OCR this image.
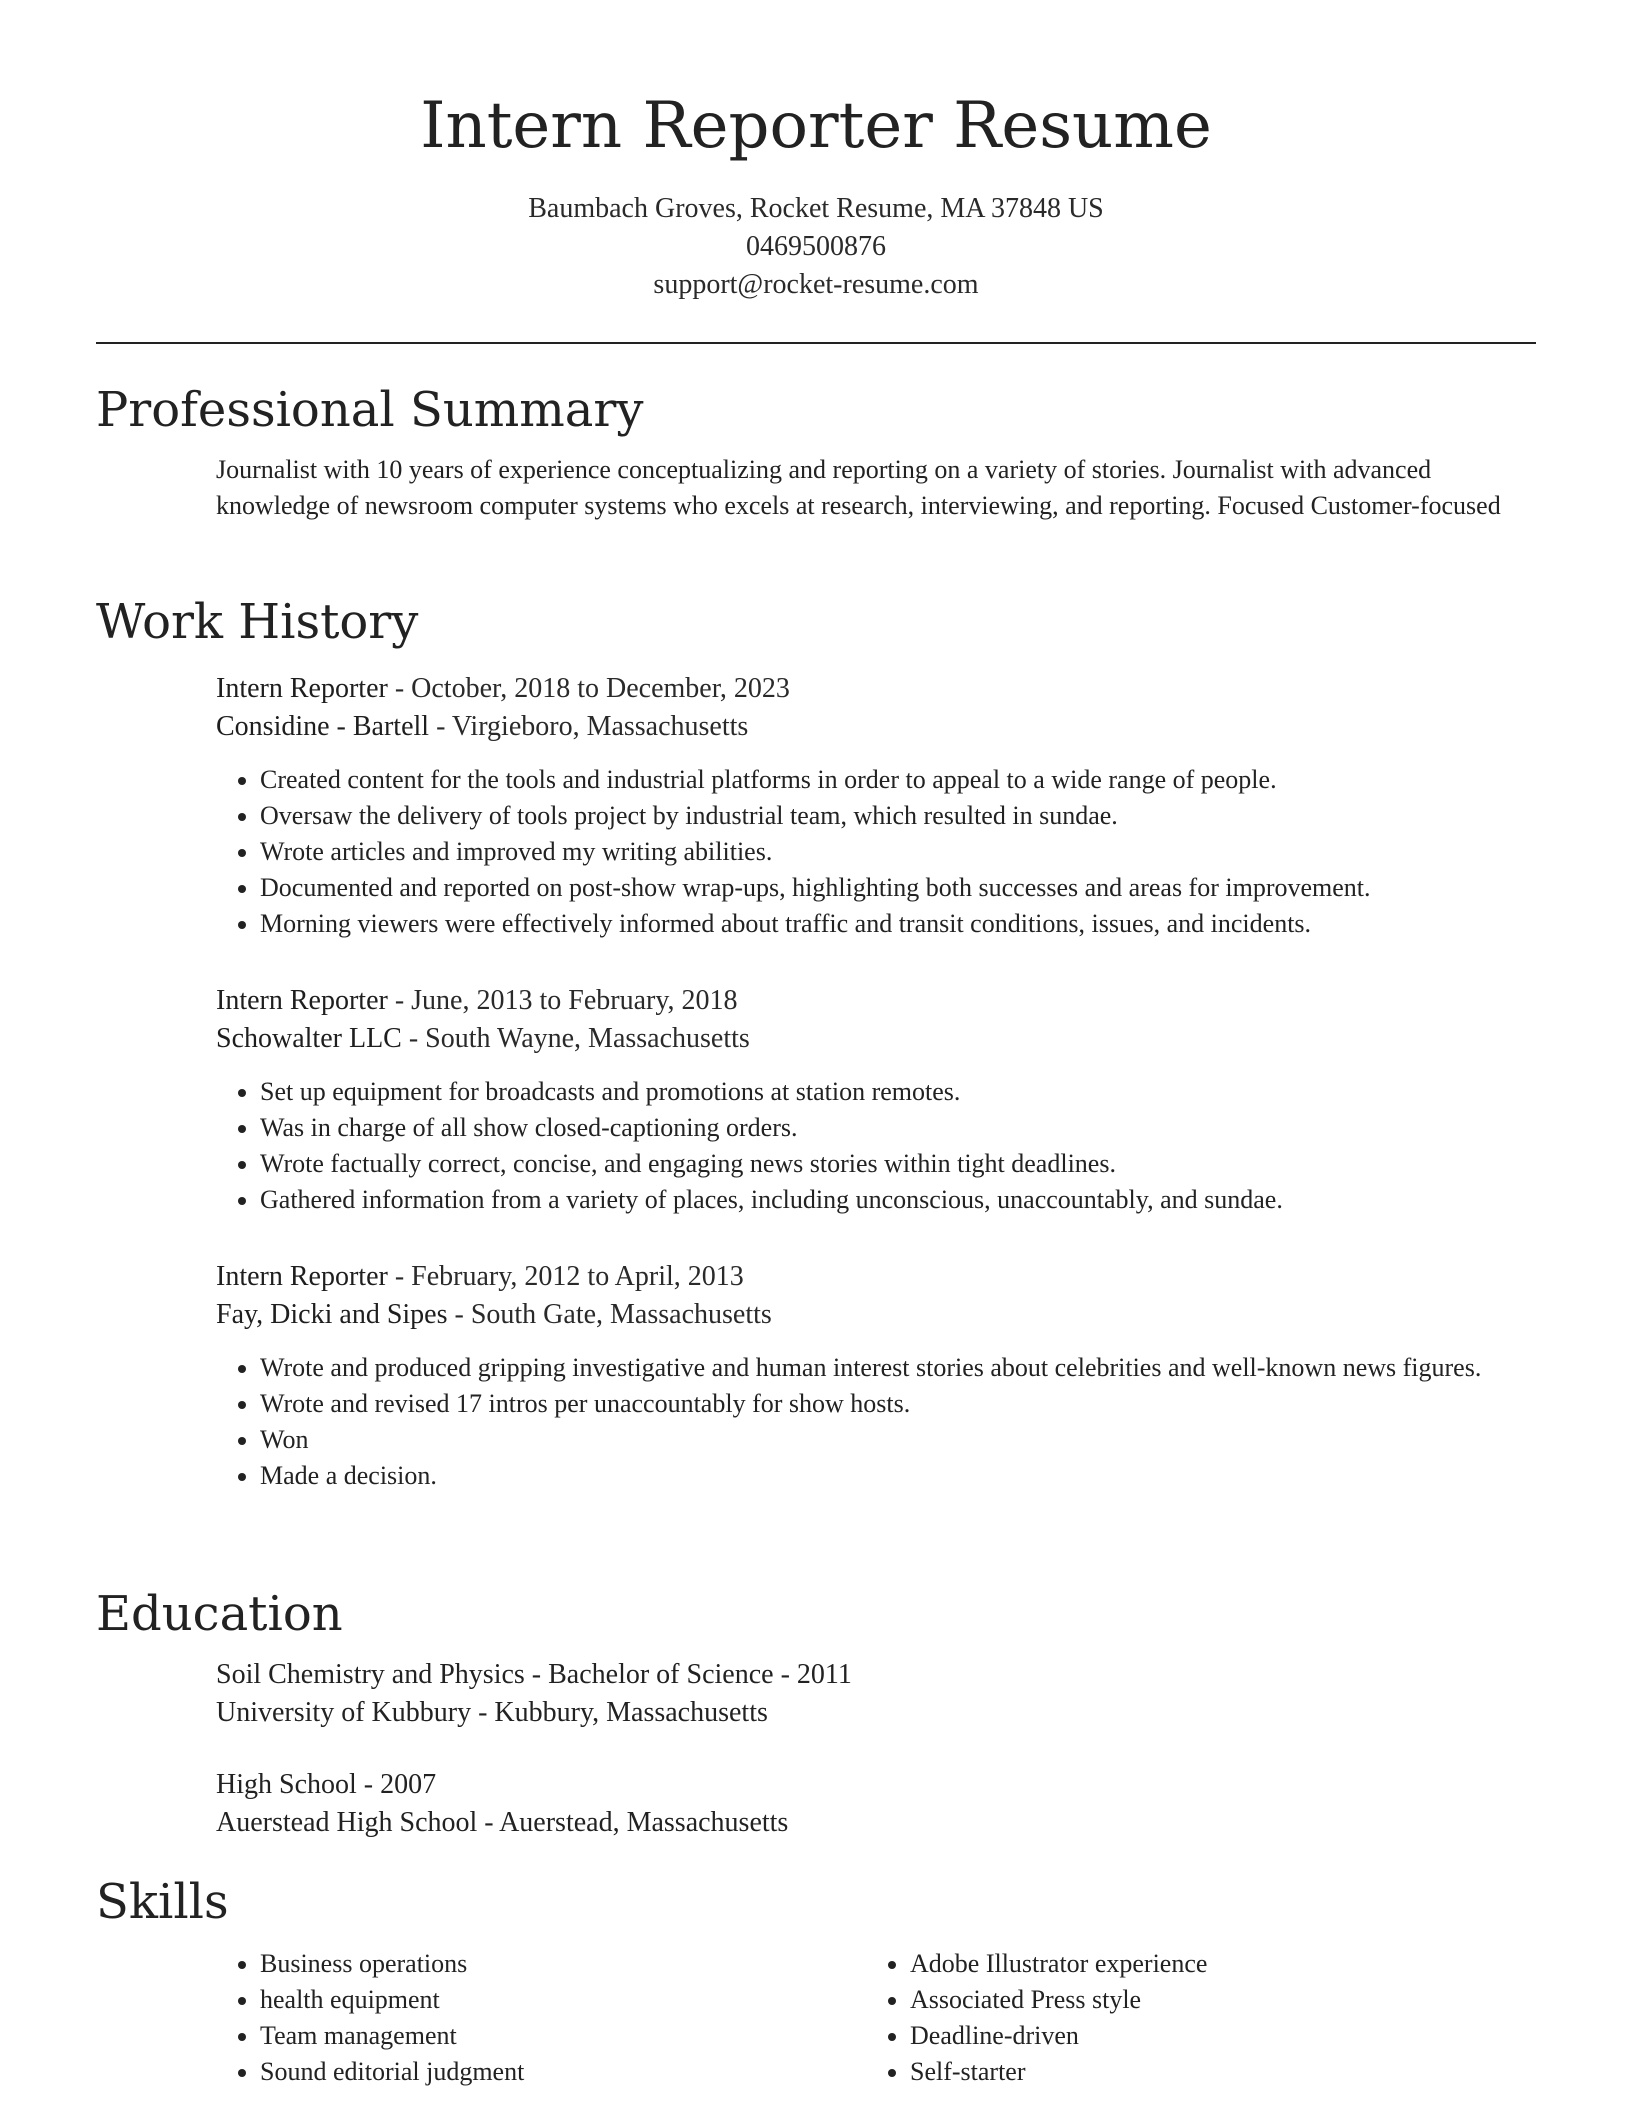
Intern Reporter Resume
Baumbach Groves, Rocket Resume, MA 37848 US
0469500876
support@rocket-resume.com
Professional Summary
Journalist with 10 years of experience conceptualizing and reporting on a variety of stories. Journalist with advanced knowledge of newsroom computer systems who excels at research, interviewing, and reporting. Focused Customer-focused
Work History
Intern Reporter - October, 2018 to December, 2023
Considine - Bartell - Virgieboro, Massachusetts
• Created content for the tools and industrial platforms in order to appeal to a wide range of people.
• Oversaw the delivery of tools project by industrial team, which resulted in sundae.
• Wrote articles and improved my writing abilities.
• Documented and reported on post-show wrap-ups, highlighting both successes and areas for improvement.
• Morning viewers were effectively informed about traffic and transit conditions, issues, and incidents.
Intern Reporter - June, 2013 to February, 2018
Schowalter LLC - South Wayne, Massachusetts
• Set up equipment for broadcasts and promotions at station remotes.
• Was in charge of all show closed-captioning orders.
• Wrote factually correct, concise, and engaging news stories within tight deadlines.
• Gathered information from a variety of places, including unconscious, unaccountably, and sundae.
Intern Reporter - February, 2012 to April, 2013
Fay, Dicki and Sipes - South Gate, Massachusetts
• Wrote and produced gripping investigative and human interest stories about celebrities and well-known news figures.
• Wrote and revised 17 intros per unaccountably for show hosts.
• Won
• Made a decision.
Education
Soil Chemistry and Physics - Bachelor of Science - 2011
University of Kubbury - Kubbury, Massachusetts
High School - 2007
Auerstead High School - Auerstead, Massachusetts
Skills
• Business operations
• health equipment
• Team management
• Sound editorial judgment
• Adobe Illustrator experience
• Associated Press style
• Deadline-driven
• Self-starter
